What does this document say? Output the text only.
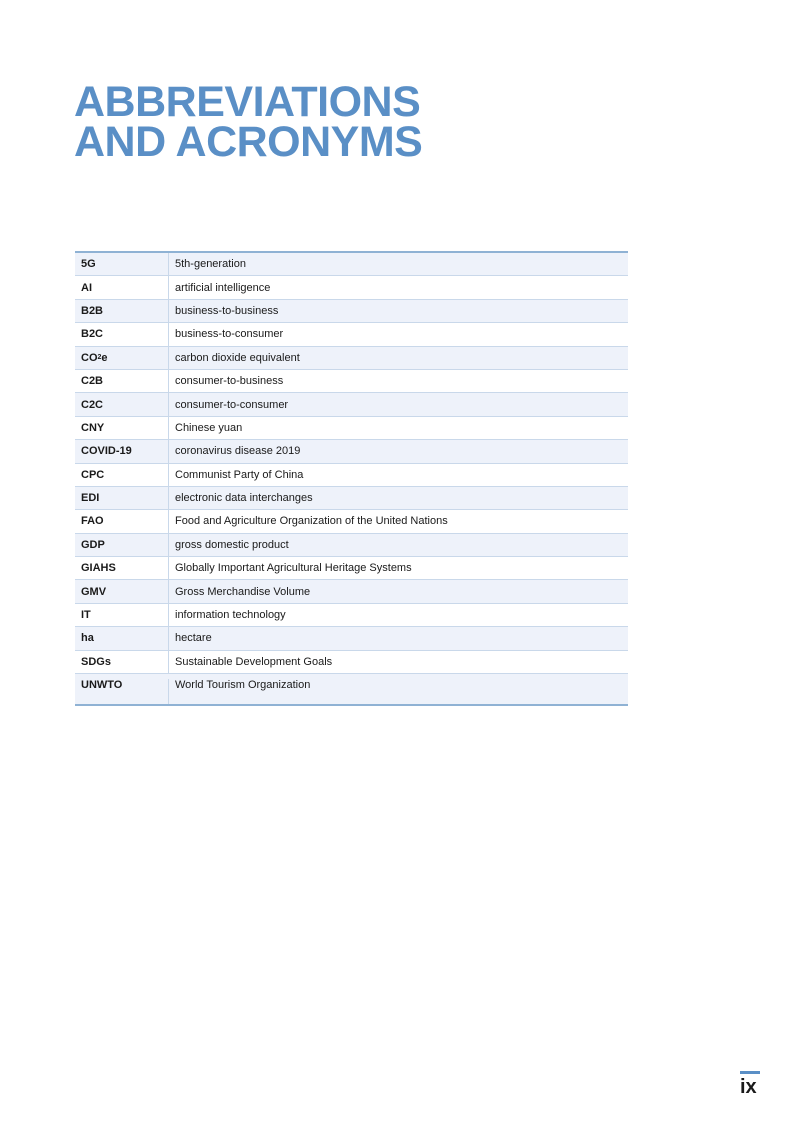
ABBREVIATIONS
AND ACRONYMS
5G	5th-generation
AI	artificial intelligence
B2B	business-to-business
B2C	business-to-consumer
CO 2 e	carbon dioxide equivalent
C2B	consumer-to-business
C2C	consumer-to-consumer
CNY	Chinese yuan
COVID-19	coronavirus disease 2019
CPC	Communist Party of China
EDI	electronic data interchanges
FAO	Food and Agriculture Organization of the United Nations
GDP	gross domestic product
GIAHS	Globally Important Agricultural Heritage Systems
GMV	Gross Merchandise Volume
IT	information technology
ha	hectare
SDGs	Sustainable Development Goals
UNWTO	World Tourism Organization
ix
